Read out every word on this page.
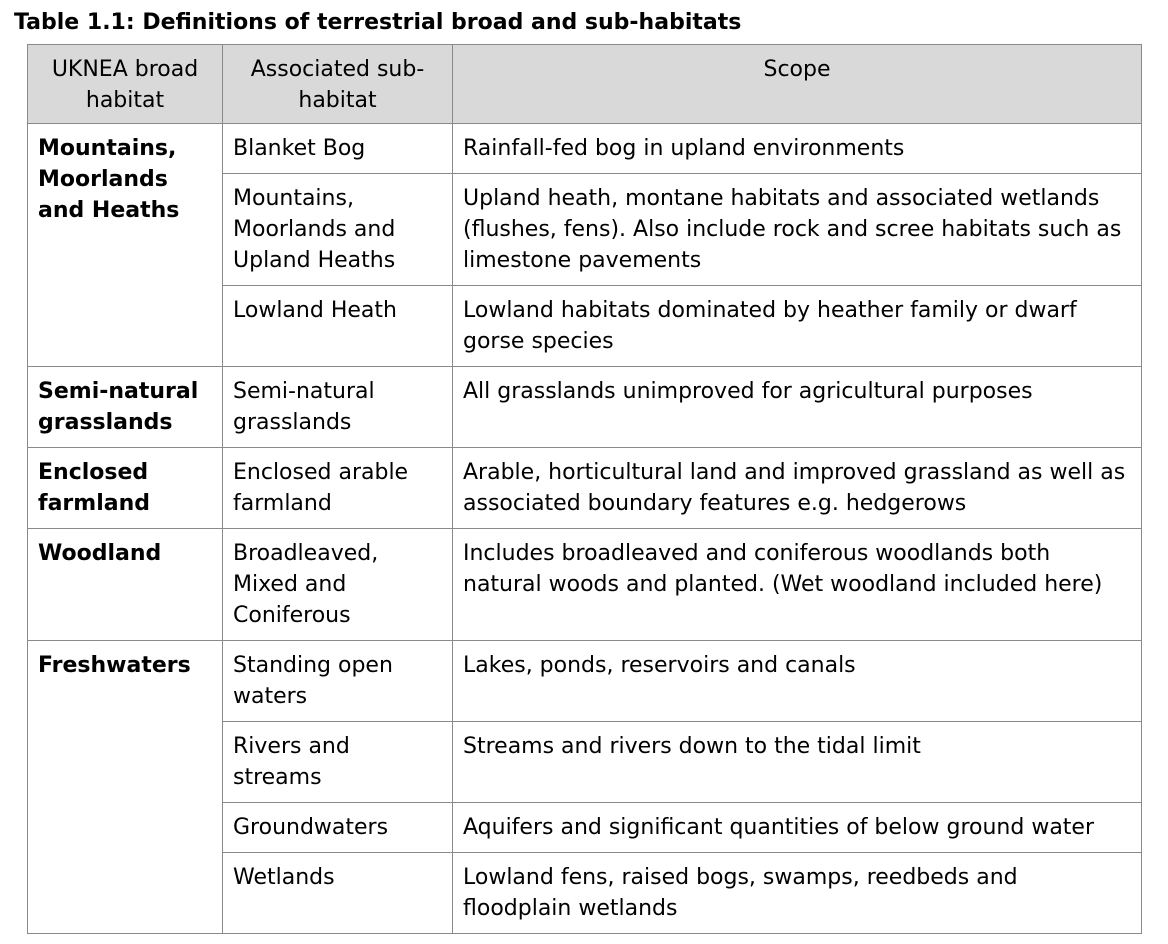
Table 1.1: Definitions of terrestrial broad and sub-habitats
UKNEA broad habitat	Associated sub-habitat	Scope
Mountains, Moorlands and Heaths	Blanket Bog	Rainfall-fed bog in upland environments
	Mountains, Moorlands and Upland Heaths	Upland heath, montane habitats and associated wetlands (flushes, fens). Also include rock and scree habitats such as limestone pavements
	Lowland Heath	Lowland habitats dominated by heather family or dwarf gorse species
Semi-natural grasslands	Semi-natural grasslands	All grasslands unimproved for agricultural purposes
Enclosed farmland	Enclosed arable farmland	Arable, horticultural land and improved grassland as well as associated boundary features e.g. hedgerows
Woodland	Broadleaved, Mixed and Coniferous	Includes broadleaved and coniferous woodlands both natural woods and planted. (Wet woodland included here)
Freshwaters	Standing open waters	Lakes, ponds, reservoirs and canals
	Rivers and streams	Streams and rivers down to the tidal limit
	Groundwaters	Aquifers and significant quantities of below ground water
	Wetlands	Lowland fens, raised bogs, swamps, reedbeds and floodplain wetlands
